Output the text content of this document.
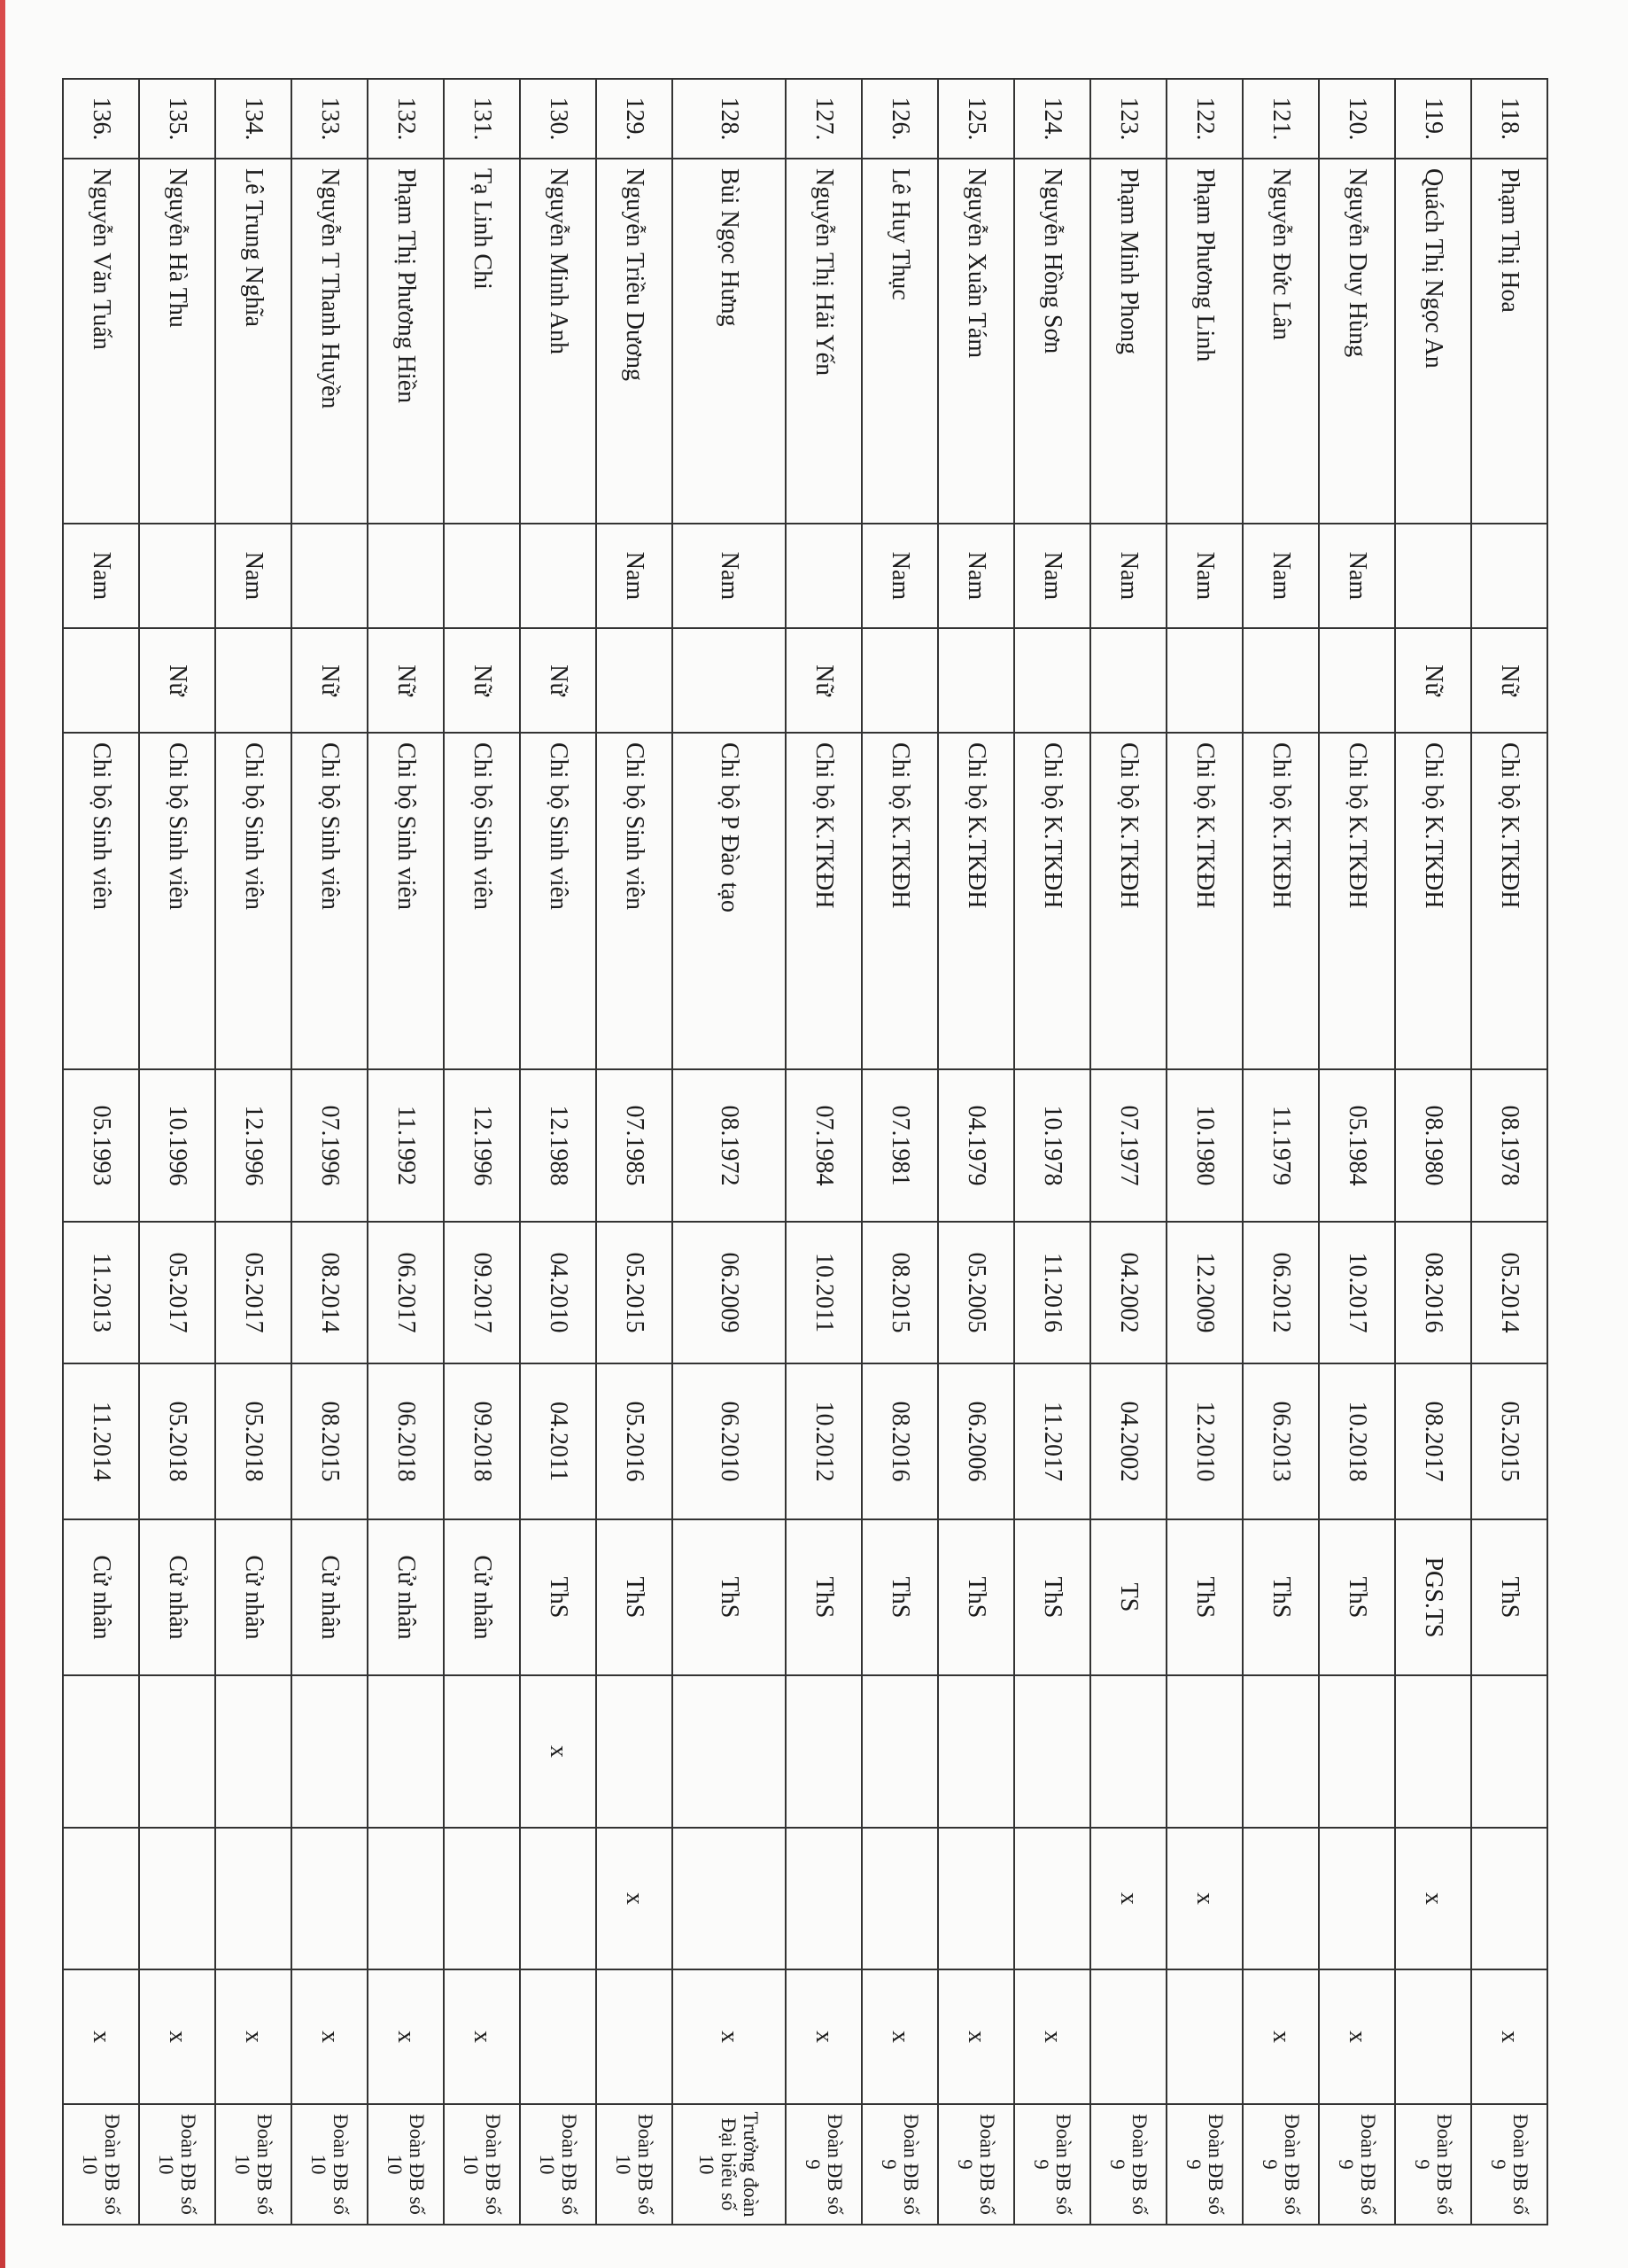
118.	Phạm Thị Hoa		Nữ	Chi bộ K.TKĐH	08.1978	05.2014	05.2015	ThS			x	Đoàn ĐB số 9
119.	Quách Thị Ngọc An		Nữ	Chi bộ K.TKĐH	08.1980	08.2016	08.2017	PGS.TS		x		Đoàn ĐB số 9
120.	Nguyễn Duy Hùng	Nam		Chi bộ K.TKĐH	05.1984	10.2017	10.2018	ThS			x	Đoàn ĐB số 9
121.	Nguyễn Đức Lân	Nam		Chi bộ K.TKĐH	11.1979	06.2012	06.2013	ThS			x	Đoàn ĐB số 9
122.	Phạm Phương Linh	Nam		Chi bộ K.TKĐH	10.1980	12.2009	12.2010	ThS		x		Đoàn ĐB số 9
123.	Phạm Minh Phong	Nam		Chi bộ K.TKĐH	07.1977	04.2002	04.2002	TS		x		Đoàn ĐB số 9
124.	Nguyễn Hồng Sơn	Nam		Chi bộ K.TKĐH	10.1978	11.2016	11.2017	ThS			x	Đoàn ĐB số 9
125.	Nguyễn Xuân Tám	Nam		Chi bộ K.TKĐH	04.1979	05.2005	06.2006	ThS			x	Đoàn ĐB số 9
126.	Lê Huy Thục	Nam		Chi bộ K.TKĐH	07.1981	08.2015	08.2016	ThS			x	Đoàn ĐB số 9
127.	Nguyễn Thị Hải Yến		Nữ	Chi bộ K.TKĐH	07.1984	10.2011	10.2012	ThS			x	Đoàn ĐB số 9
128.	Bùi Ngọc Hưng	Nam		Chi bộ P Đào tạo	08.1972	06.2009	06.2010	ThS			x	Trưởng đoàn Đại biểu số 10
129.	Nguyễn Triều Dương	Nam		Chi bộ Sinh viên	07.1985	05.2015	05.2016	ThS		x		Đoàn ĐB số 10
130.	Nguyễn Minh Anh		Nữ	Chi bộ Sinh viên	12.1988	04.2010	04.2011	ThS	x			Đoàn ĐB số 10
131.	Tạ Linh Chi		Nữ	Chi bộ Sinh viên	12.1996	09.2017	09.2018	Cử nhân			x	Đoàn ĐB số 10
132.	Phạm Thị Phương Hiền		Nữ	Chi bộ Sinh viên	11.1992	06.2017	06.2018	Cử nhân			x	Đoàn ĐB số 10
133.	Nguyễn T Thanh Huyền		Nữ	Chi bộ Sinh viên	07.1996	08.2014	08.2015	Cử nhân			x	Đoàn ĐB số 10
134.	Lê Trung Nghĩa	Nam		Chi bộ Sinh viên	12.1996	05.2017	05.2018	Cử nhân			x	Đoàn ĐB số 10
135.	Nguyễn Hà Thu		Nữ	Chi bộ Sinh viên	10.1996	05.2017	05.2018	Cử nhân			x	Đoàn ĐB số 10
136.	Nguyễn Văn Tuấn	Nam		Chi bộ Sinh viên	05.1993	11.2013	11.2014	Cử nhân			x	Đoàn ĐB số 10
